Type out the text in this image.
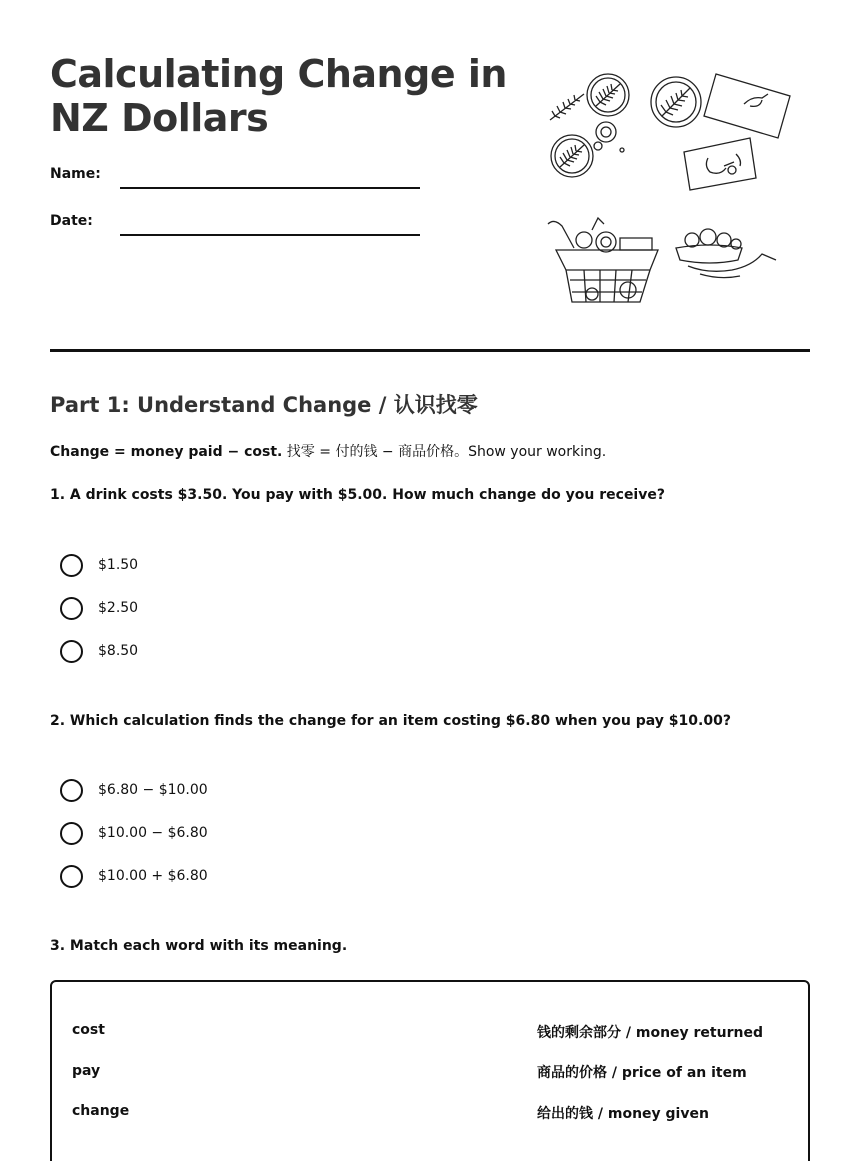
Calculating Change in
NZ Dollars
Name:
Date:
Part 1: Understand Change / 认识找零
Change = money paid − cost. 找零 = 付的钱 − 商品价格。Show your working.
1. A drink costs $3.50. You pay with $5.00. How much change do you receive?
$1.50
$2.50
$8.50
2. Which calculation finds the change for an item costing $6.80 when you pay $10.00?
$6.80 − $10.00
$10.00 − $6.80
$10.00 + $6.80
3. Match each word with its meaning.
cost
pay
change
钱的剩余部分 / money returned
商品的价格 / price of an item
给出的钱 / money given
